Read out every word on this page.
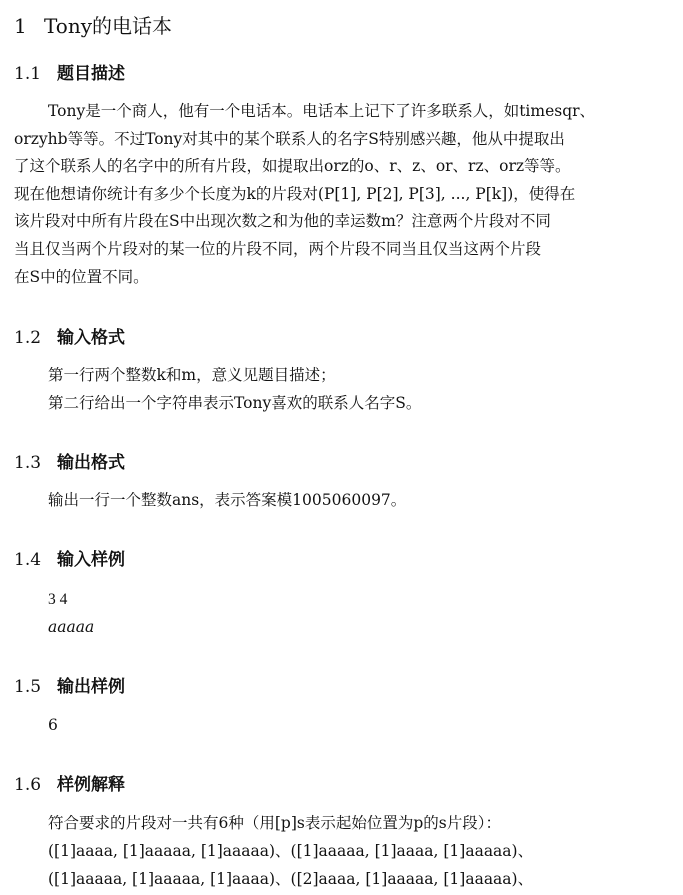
1 Tony的电话本
1.1 题目描述
Tony是一个商人，他有一个电话本。电话本上记下了许多联系人，如timesqr、
orzyhb等等。不过Tony对其中的某个联系人的名字S特别感兴趣，他从中提取出
了这个联系人的名字中的所有片段，如提取出orz的o、r、z、or、rz、orz等等。
现在他想请你统计有多少个长度为k的片段对(P[1], P[2], P[3], ..., P[k])，使得在
该片段对中所有片段在S中出现次数之和为他的幸运数m？注意两个片段对不同
当且仅当两个片段对的某一位的片段不同，两个片段不同当且仅当这两个片段
在S中的位置不同。
1.2 输入格式
第一行两个整数k和m，意义见题目描述；
第二行给出一个字符串表示Tony喜欢的联系人名字S。
1.3 输出格式
输出一行一个整数ans，表示答案模1005060097。
1.4 输入样例
3 4
aaaaa
1.5 输出样例
6
1.6 样例解释
符合要求的片段对一共有6种（用[p]s表示起始位置为p的s片段）：
([1]aaaa, [1]aaaaa, [1]aaaaa)、([1]aaaaa, [1]aaaa, [1]aaaaa)、
([1]aaaaa, [1]aaaaa, [1]aaaa)、([2]aaaa, [1]aaaaa, [1]aaaaa)、
